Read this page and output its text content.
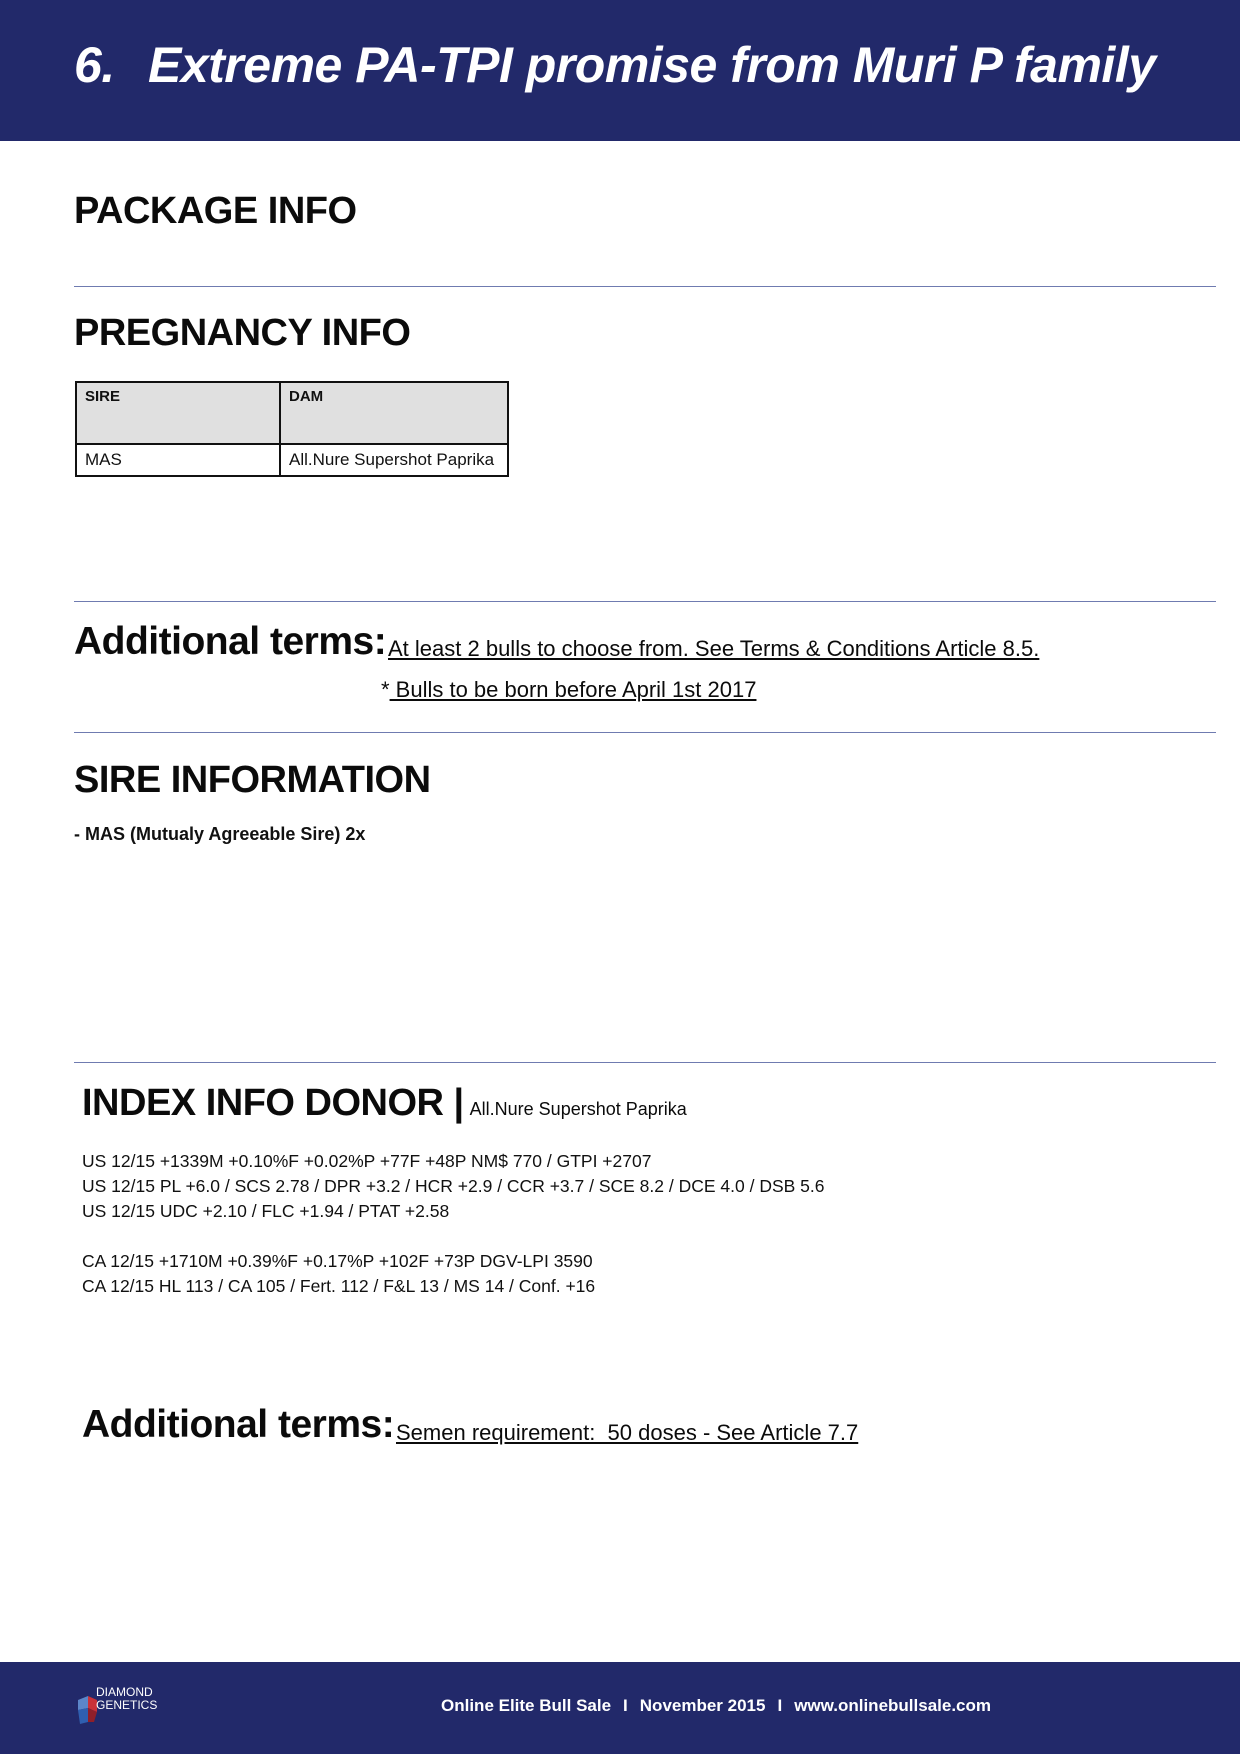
6. Extreme PA-TPI promise from Muri P family
PACKAGE INFO
PREGNANCY INFO
SIRE	DAM
MAS	All.Nure Supershot Paprika
Additional terms: At least 2 bulls to choose from. See Terms & Conditions Article 8.5.
* Bulls to be born before April 1st 2017
SIRE INFORMATION
- MAS (Mutualy Agreeable Sire) 2x
INDEX INFO DONOR | All.Nure Supershot Paprika
US 12/15 +1339M +0.10%F +0.02%P +77F +48P NM$ 770 / GTPI +2707
US 12/15 PL +6.0 / SCS 2.78 / DPR +3.2 / HCR +2.9 / CCR +3.7 / SCE 8.2 / DCE 4.0 / DSB 5.6
US 12/15 UDC +2.10 / FLC +1.94 / PTAT +2.58
CA 12/15 +1710M +0.39%F +0.17%P +102F +73P DGV-LPI 3590
CA 12/15 HL 113 / CA 105 / Fert. 112 / F&L 13 / MS 14 / Conf. +16
Additional terms: Semen requirement:  50 doses - See Article 7.7
DIAMOND
GENETICS	Online Elite Bull Sale I November 2015 I www.onlinebullsale.com
